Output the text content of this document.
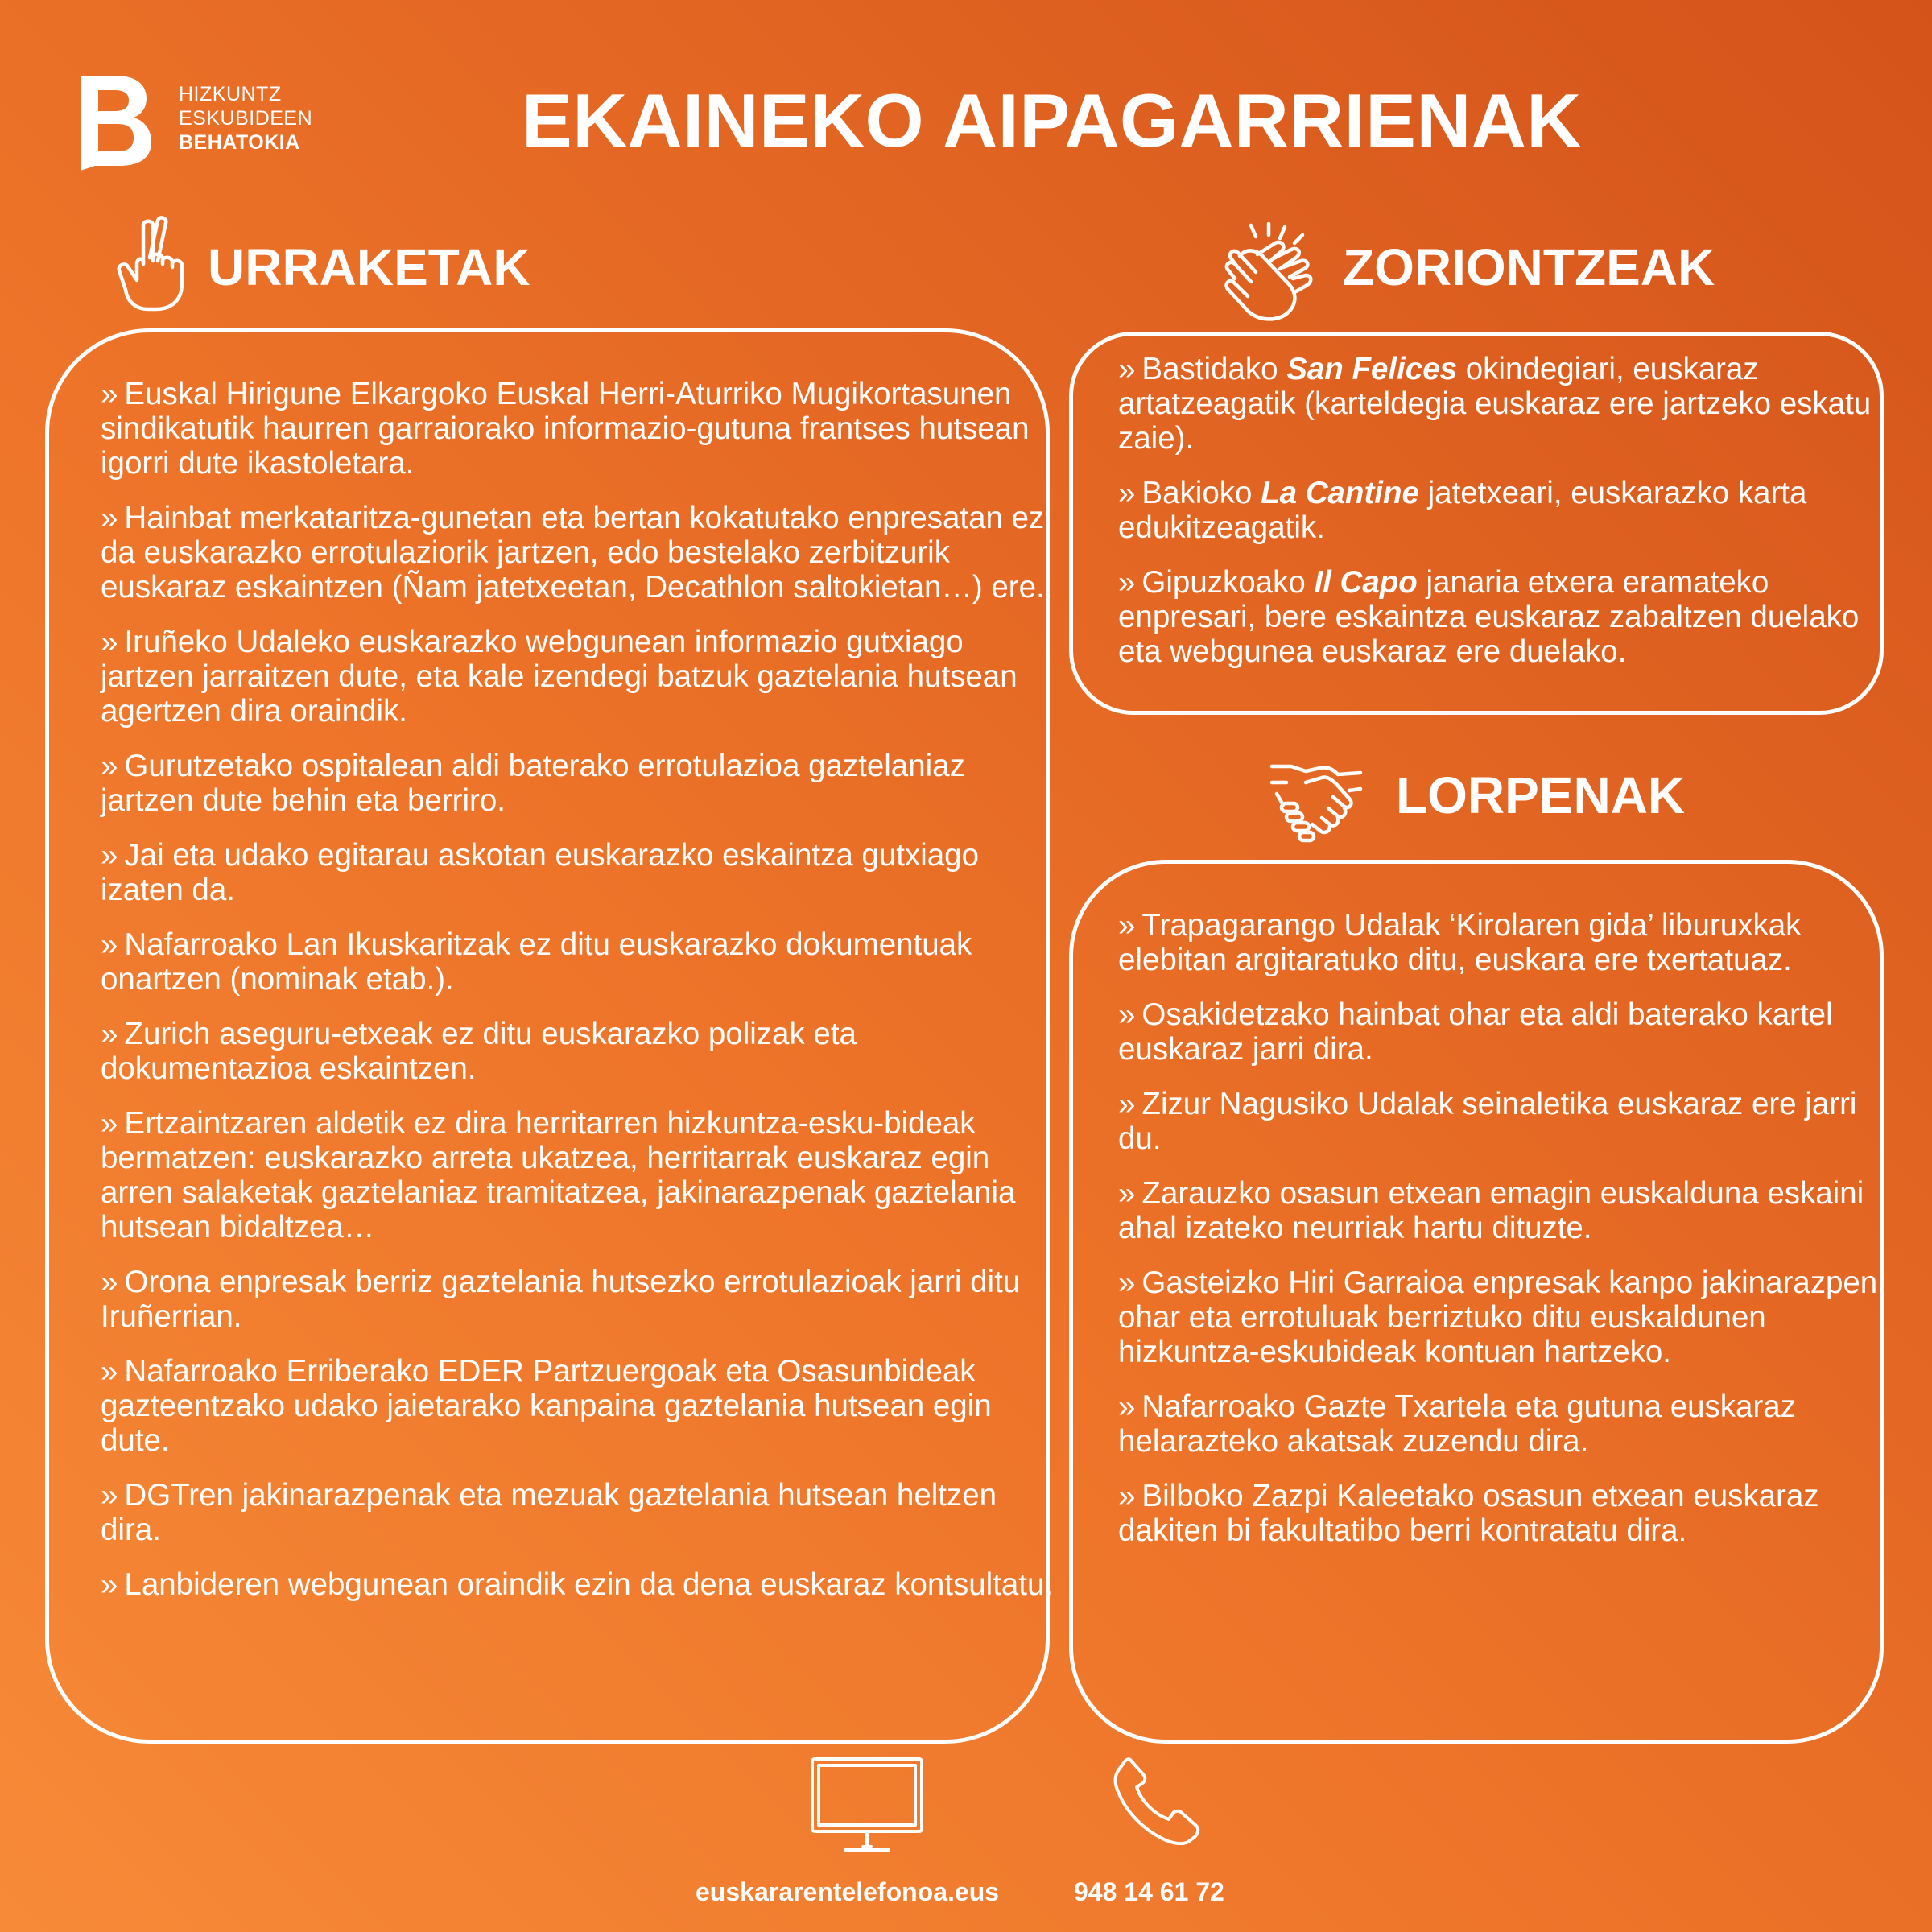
HIZKUNTZ
ESKUBIDEEN
BEHATOKIA	EKAINEKO AIPAGARRIENAK
URRAKETAK
» Euskal Hirigune Elkargoko Euskal Herri-Aturriko Mugikortasunen sindikatutik haurren garraiorako informazio-gutuna frantses hutsean igorri dute ikastoletara.
» Hainbat merkataritza-gunetan eta bertan kokatutako enpresatan ez da euskarazko errotulaziorik jartzen, edo bestelako zerbitzurik euskaraz eskaintzen (Ñam jatetxeetan, Decathlon saltokietan…) ere.
» Iruñeko Udaleko euskarazko webgunean informazio gutxiago jartzen jarraitzen dute, eta kale izendegi batzuk gaztelania hutsean agertzen dira oraindik.
» Gurutzetako ospitalean aldi baterako errotulazioa gaztelaniaz jartzen dute behin eta berriro.
» Jai eta udako egitarau askotan euskarazko eskaintza gutxiago izaten da.
» Nafarroako Lan Ikuskaritzak ez ditu euskarazko dokumentuak onartzen (nominak etab.).
» Zurich aseguru-etxeak ez ditu euskarazko polizak eta dokumentazioa eskaintzen.
» Ertzaintzaren aldetik ez dira herritarren hizkuntza-esku-bideak bermatzen: euskarazko arreta ukatzea, herritarrak euskaraz egin arren salaketak gaztelaniaz tramitatzea, jakinarazpenak gaztelania hutsean bidaltzea…
» Orona enpresak berriz gaztelania hutsezko errotulazioak jarri ditu Iruñerrian.
» Nafarroako Erriberako EDER Partzuergoak eta Osasunbideak gazteentzako udako jaietarako kanpaina gaztelania hutsean egin dute.
» DGTren jakinarazpenak eta mezuak gaztelania hutsean heltzen dira.
» Lanbideren webgunean oraindik ezin da dena euskaraz kontsultatu.
ZORIONTZEAK
» Bastidako San Felices okindegiari, euskaraz artatzeagatik (karteldegia euskaraz ere jartzeko eskatu zaie).
» Bakioko La Cantine jatetxeari, euskarazko karta edukitzeagatik.
» Gipuzkoako Il Capo janaria etxera eramateko enpresari, bere eskaintza euskaraz zabaltzen duelako eta webgunea euskaraz ere duelako.
LORPENAK
» Trapagarango Udalak ‘Kirolaren gida’ liburuxkak elebitan argitaratuko ditu, euskara ere txertatuaz.
» Osakidetzako hainbat ohar eta aldi baterako kartel euskaraz jarri dira.
» Zizur Nagusiko Udalak seinaletika euskaraz ere jarri du.
» Zarauzko osasun etxean emagin euskalduna eskaini ahal izateko neurriak hartu dituzte.
» Gasteizko Hiri Garraioa enpresak kanpo jakinarazpen, ohar eta errotuluak berriztuko ditu euskaldunen hizkuntza-eskubideak kontuan hartzeko.
» Nafarroako Gazte Txartela eta gutuna euskaraz helarazteko akatsak zuzendu dira.
» Bilboko Zazpi Kaleetako osasun etxean euskaraz dakiten bi fakultatibo berri kontratatu dira.
euskararentelefonoa.eus	948 14 61 72
